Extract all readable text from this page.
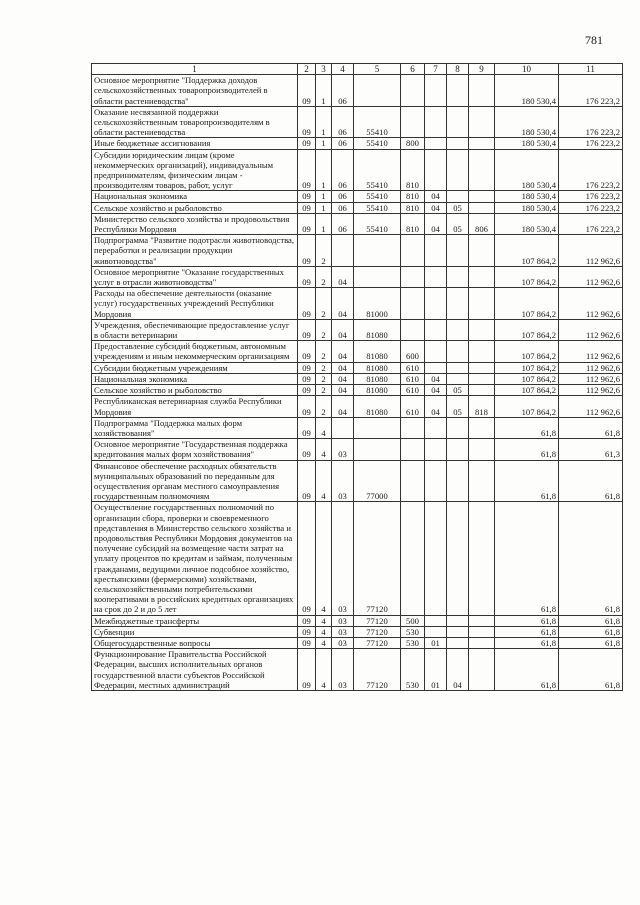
781
1	2	3	4	5	6	7	8	9	10	11
Основное мероприятие "Поддержка доходов сельскохозяйственных товаропроизводителей в области растениеводства"	09	1	06						180 530,4	176 223,2
Оказание несвязанной поддержки сельскохозяйственным товаропроизводителям в области растениеводства	09	1	06	55410					180 530,4	176 223,2
Иные бюджетные ассигнования	09	1	06	55410	800				180 530,4	176 223,2
Субсидии юридическим лицам (кроме некоммерческих организаций), индивидуальным предпринимателям, физическим лицам - производителям товаров, работ, услуг	09	1	06	55410	810				180 530,4	176 223,2
Национальная экономика	09	1	06	55410	810	04			180 530,4	176 223,2
Сельское хозяйство и рыболовство	09	1	06	55410	810	04	05		180 530,4	176 223,2
Министерство сельского хозяйства и продовольствия Республики Мордовия	09	1	06	55410	810	04	05	806	180 530,4	176 223,2
Подпрограмма "Развитие подотрасли животноводства, переработки и реализации продукции животноводства"	09	2							107 864,2	112 962,6
Основное мероприятие "Оказание государственных услуг в отрасли животноводства"	09	2	04						107 864,2	112 962,6
Расходы на обеспечение деятельности (оказание услуг) государственных учреждений Республики Мордовия	09	2	04	81000					107 864,2	112 962,6
Учреждения, обеспечивающие предоставление услуг в области ветеринарии	09	2	04	81080					107 864,2	112 962,6
Предоставление субсидий бюджетным, автономным учреждениям и иным некоммерческим организациям	09	2	04	81080	600				107 864,2	112 962,6
Субсидии бюджетным учреждениям	09	2	04	81080	610				107 864,2	112 962,6
Национальная экономика	09	2	04	81080	610	04			107 864,2	112 962,6
Сельское хозяйство и рыболовство	09	2	04	81080	610	04	05		107 864,2	112 962,6
Республиканская ветеринарная служба Республики Мордовия	09	2	04	81080	610	04	05	818	107 864,2	112 962,6
Подпрограмма "Поддержка малых форм хозяйствования"	09	4							61,8	61,8
Основное мероприятие "Государственная поддержка кредитования малых форм хозяйствования"	09	4	03						61,8	61,3
Финансовое обеспечение расходных обязательств муниципальных образований по переданным для осуществления органам местного самоуправления государственным полномочиям	09	4	03	77000					61,8	61,8
Осуществление государственных полномочий по организации сбора, проверки и своевременного представления в Министерство сельского хозяйства и продовольствия Республики Мордовия документов на получение субсидий на возмещение части затрат на уплату процентов по кредитам и займам, полученным гражданами, ведущими личное подсобное хозяйство, крестьянскими (фермерскими) хозяйствами, сельскохозяйственными потребительскими кооперативами в российских кредитных организациях на срок до 2 и до 5 лет	09	4	03	77120					61,8	61,8
Межбюджетные трансферты	09	4	03	77120	500				61,8	61,8
Субвенции	09	4	03	77120	530				61,8	61,8
Общегосударственные вопросы	09	4	03	77120	530	01			61,8	61,8
Функционирование Правительства Российской Федерации, высших исполнительных органов государственной власти субъектов Российской Федерации, местных администраций	09	4	03	77120	530	01	04		61,8	61,8
